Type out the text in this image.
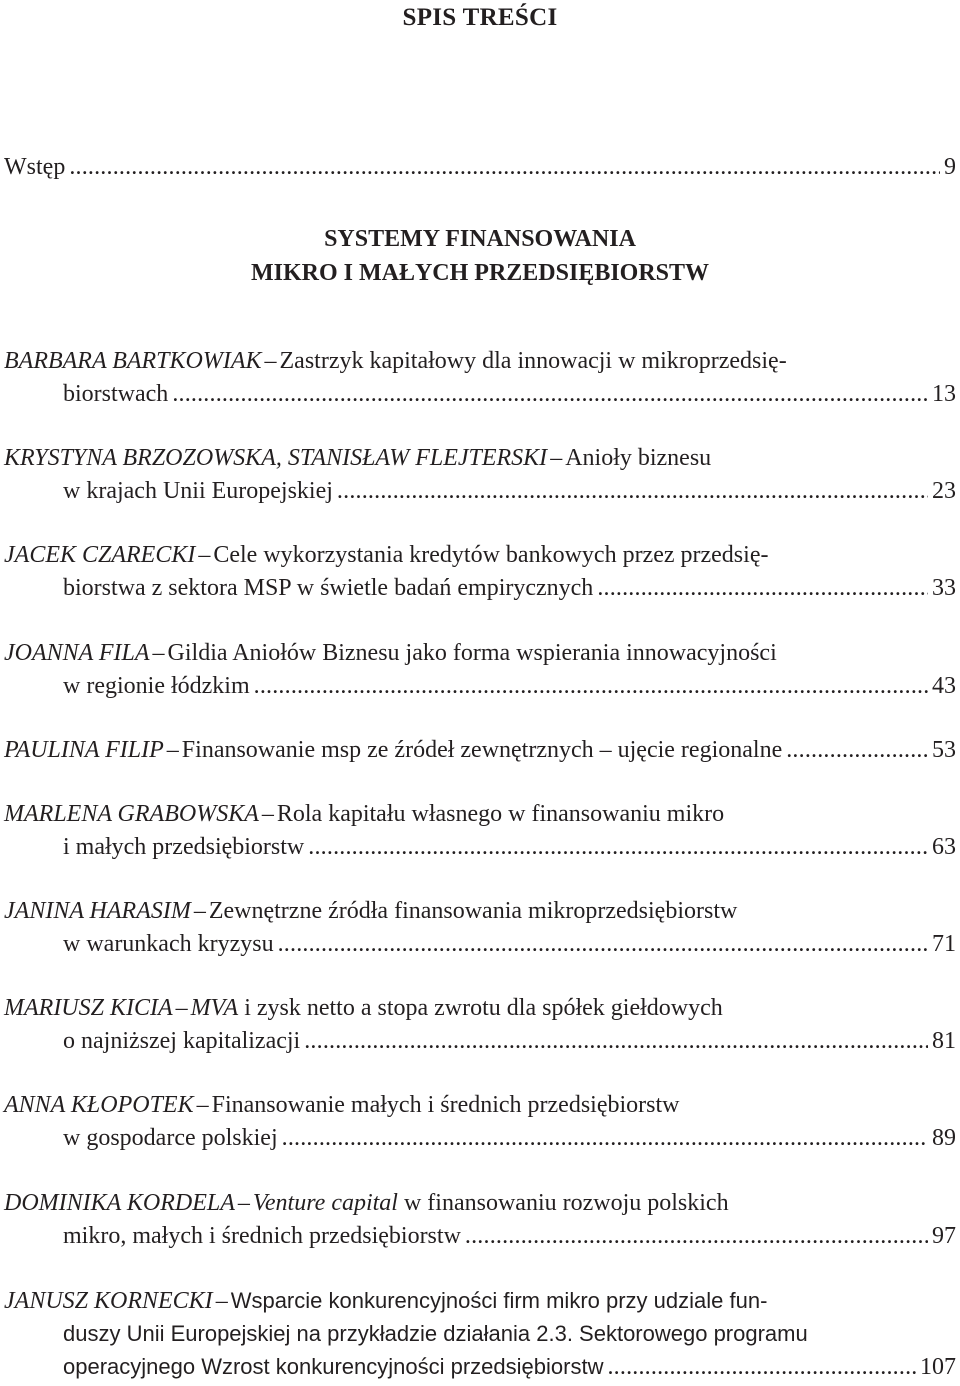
SPIS TREŚCI
Wstęp .....	9
SYSTEMY FINANSOWANIA
MIKRO I MAŁYCH PRZEDSIĘBIORSTW
BARBARA BARTKOWIAK – Zastrzyk kapitałowy dla innowacji w mikroprzedsię-
biorstwach .....	13
KRYSTYNA BRZOZOWSKA, STANISŁAW FLEJTERSKI – Anioły biznesu
w krajach Unii Europejskiej .....	23
JACEK CZARECKI – Cele wykorzystania kredytów bankowych przez przedsię-
biorstwa z sektora MSP w świetle badań empirycznych .....	33
JOANNA FILA – Gildia Aniołów Biznesu jako forma wspierania innowacyjności
w regionie łódzkim .....	43
PAULINA FILIP – Finansowanie msp ze źródeł zewnętrznych – ujęcie regionalne .....	53
MARLENA GRABOWSKA – Rola kapitału własnego w finansowaniu mikro
i małych przedsiębiorstw .....	63
JANINA HARASIM – Zewnętrzne źródła finansowania mikroprzedsiębiorstw
w warunkach kryzysu .....	71
MARIUSZ KICIA – MVA i zysk netto a stopa zwrotu dla spółek giełdowych
o najniższej kapitalizacji .....	81
ANNA KŁOPOTEK – Finansowanie małych i średnich przedsiębiorstw
w gospodarce polskiej .....	89
DOMINIKA KORDELA – Venture capital w finansowaniu rozwoju polskich
mikro, małych i średnich przedsiębiorstw .....	97
JANUSZ KORNECKI – Wsparcie konkurencyjności firm mikro przy udziale fun-
duszy Unii Europejskiej na przykładzie działania 2.3. Sektorowego programu
operacyjnego Wzrost konkurencyjności przedsiębiorstw .....	107
